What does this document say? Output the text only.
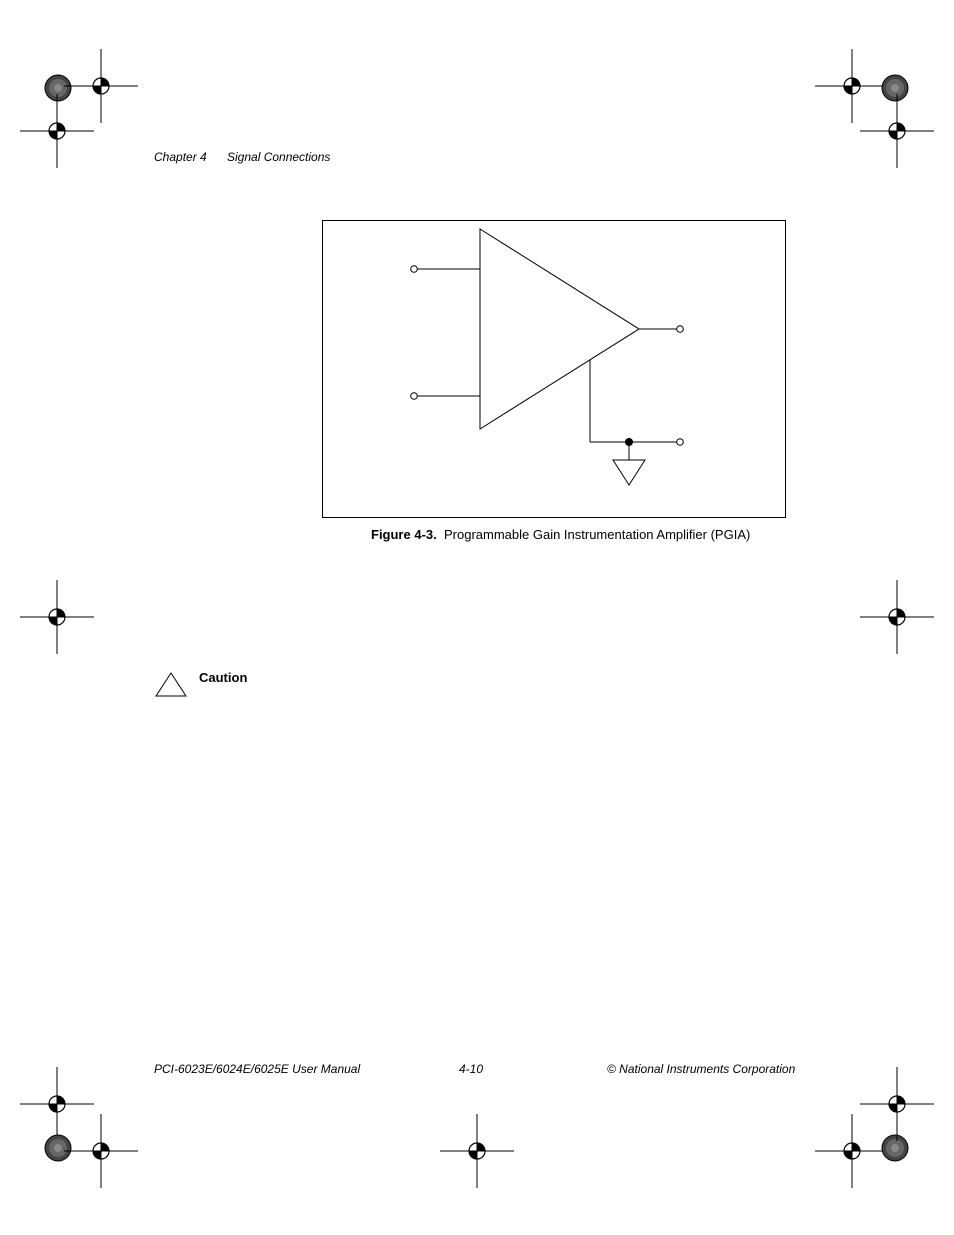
Chapter 4 Signal Connections
Figure 4-3. Programmable Gain Instrumentation Amplifier (PGIA)
Caution
PCI-6023E/6024E/6025E User Manual	4-10	© National Instruments Corporation
